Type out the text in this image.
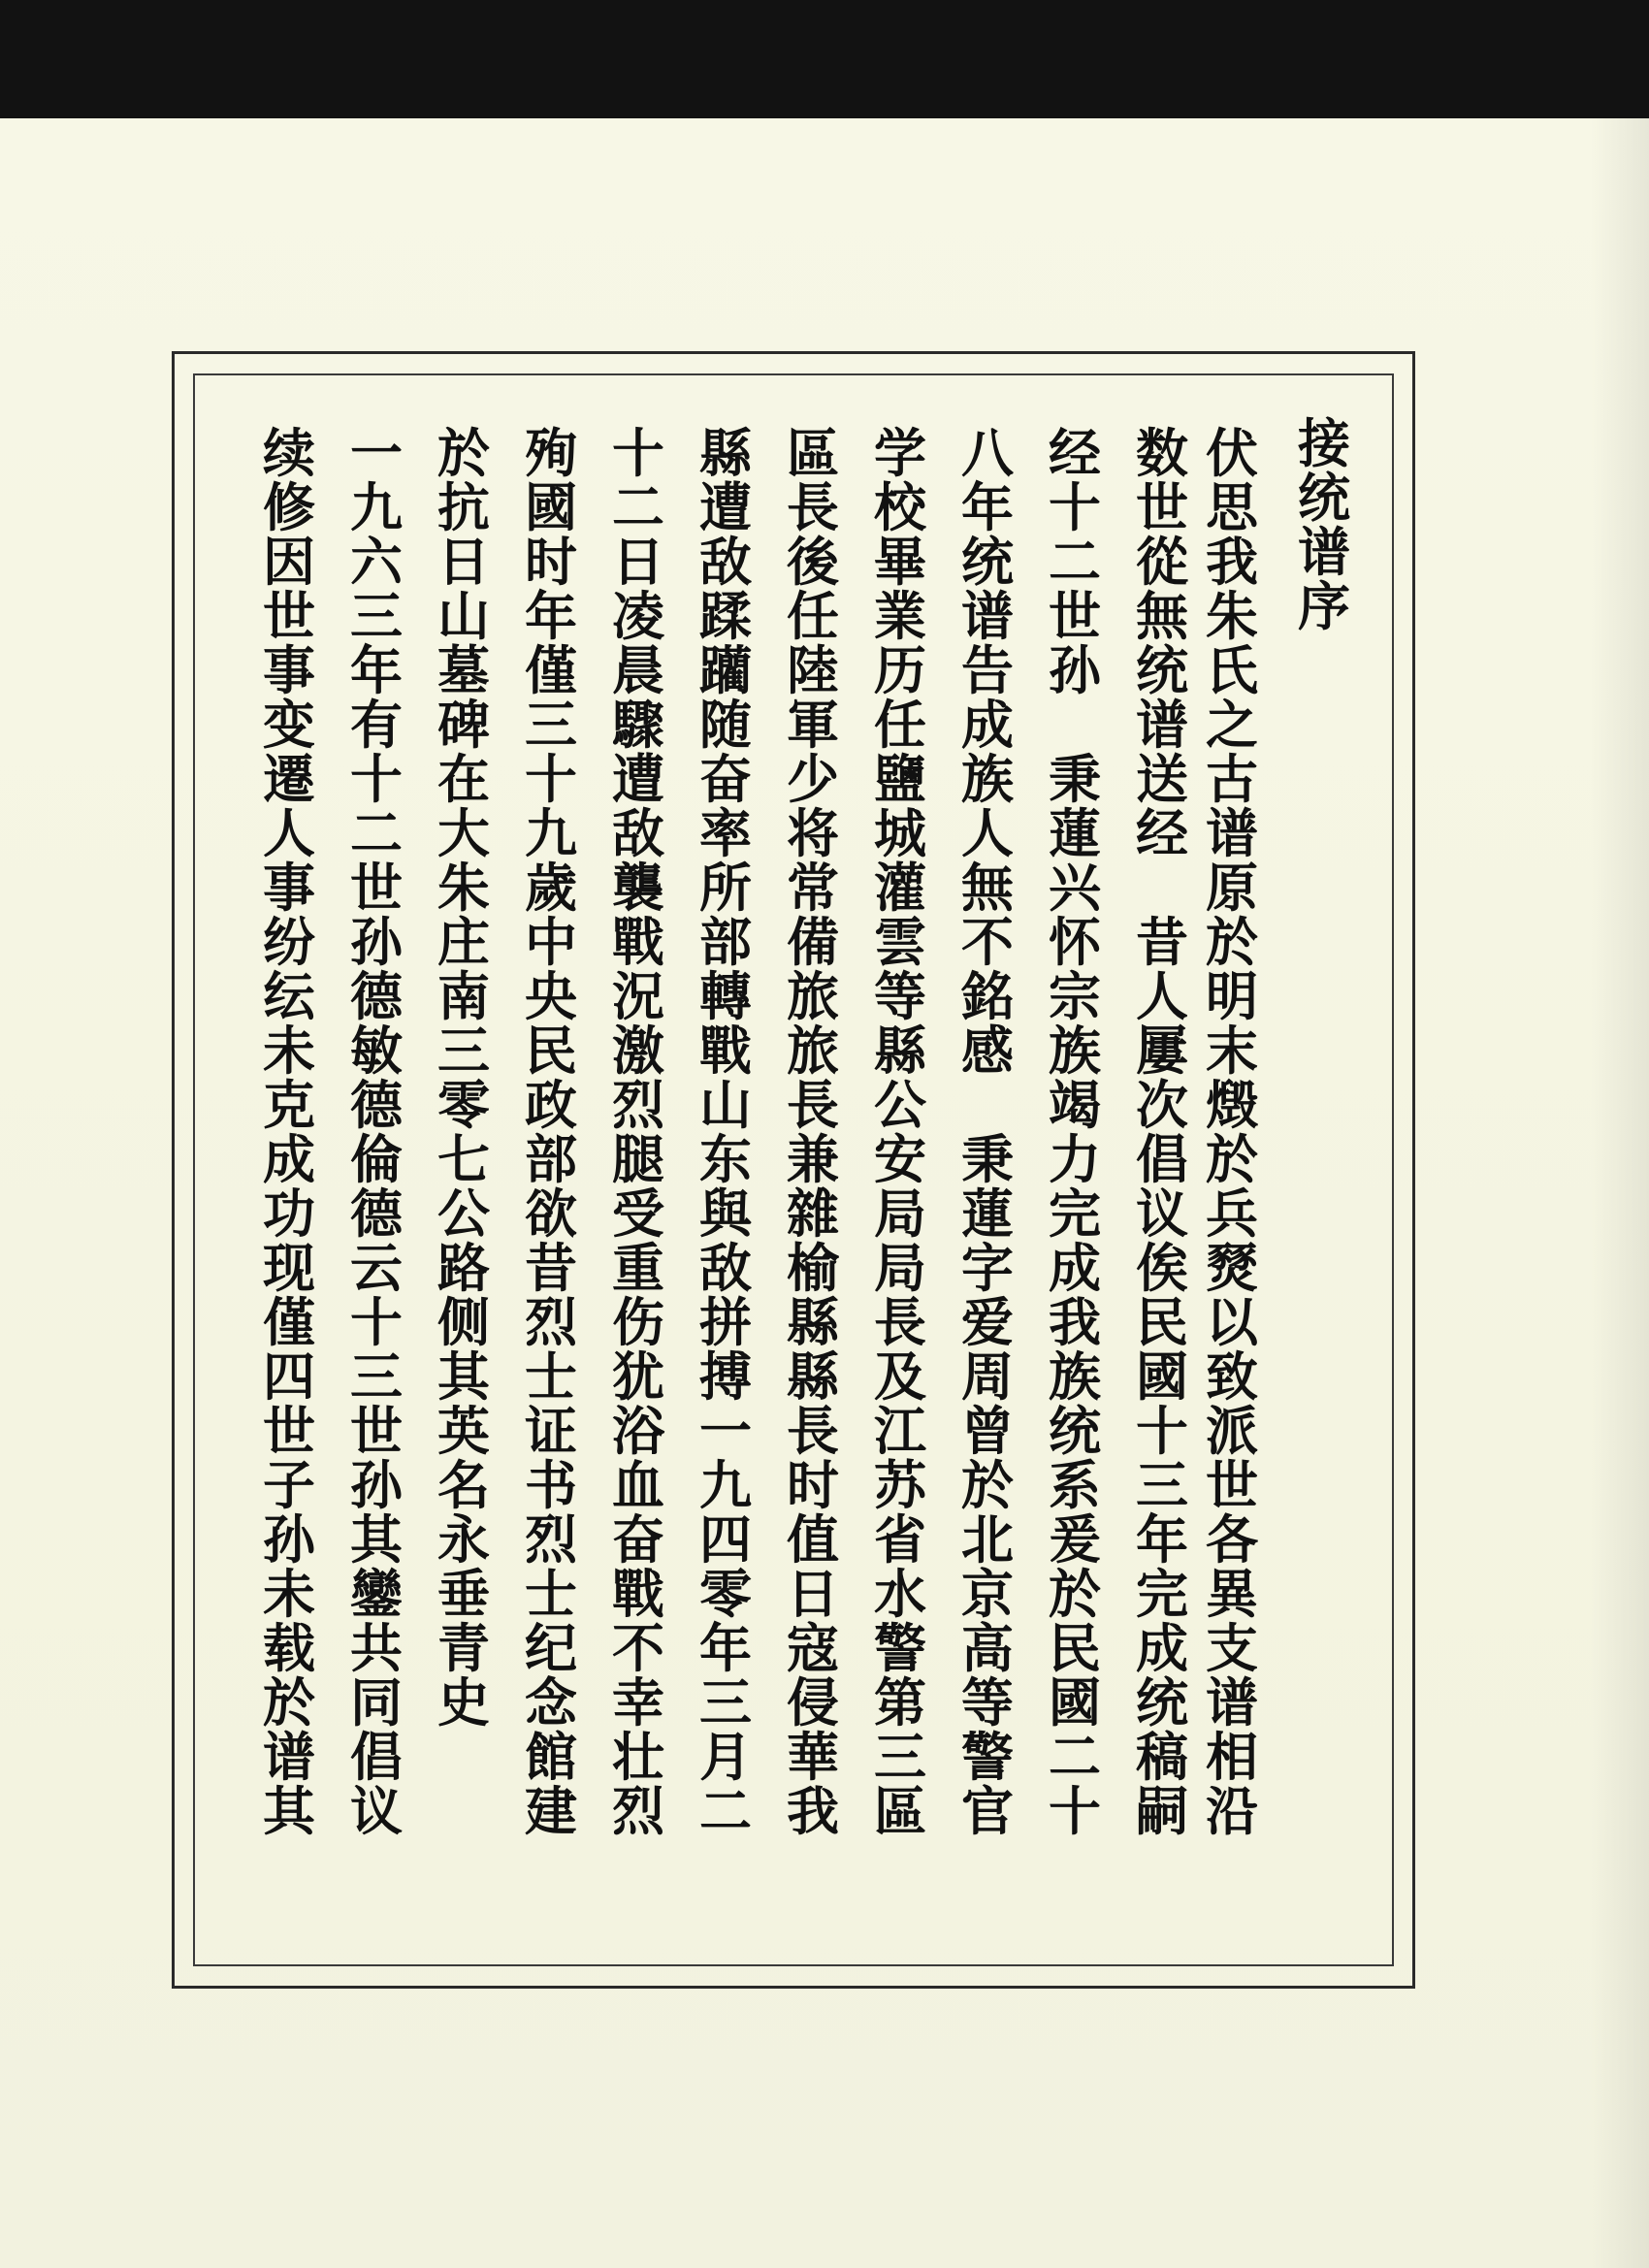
接
统
谱
序
伏
思
我
朱
氏
之
古
谱
原
於
明
末
燬
於
兵
燹
以
致
派
世
各
異
支
谱
相
沿
数
世
從
無
统
谱
送
经
昔
人
屢
次
倡
议
俟
民
國
十
三
年
完
成
统
稿
嗣
经
十
二
世
孙
秉
蓮
兴
怀
宗
族
竭
力
完
成
我
族
统
系
爰
於
民
國
二
十
八
年
统
谱
告
成
族
人
無
不
銘
感
秉
蓮
字
爱
周
曾
於
北
京
高
等
警
官
学
校
畢
業
历
任
鹽
城
灌
雲
等
縣
公
安
局
局
長
及
江
苏
省
水
警
第
三
區
區
長
後
任
陸
軍
少
将
常
備
旅
旅
長
兼
雜
榆
縣
縣
長
时
值
日
寇
侵
華
我
縣
遭
敌
蹂
躪
随
奋
率
所
部
轉
戰
山
东
與
敌
拼
搏
一
九
四
零
年
三
月
二
十
二
日
凌
晨
驟
遭
敌
襲
戰
況
激
烈
腿
受
重
伤
犹
浴
血
奋
戰
不
幸
壮
烈
殉
國
时
年
僅
三
十
九
歲
中
央
民
政
部
欲
昔
烈
士
证
书
烈
士
纪
念
館
建
於
抗
日
山
墓
碑
在
大
朱
庄
南
三
零
七
公
路
侧
其
英
名
永
垂
青
史
一
九
六
三
年
有
十
二
世
孙
德
敏
德
倫
德
云
十
三
世
孙
其
鑾
共
同
倡
议
续
修
因
世
事
变
遷
人
事
纷
纭
未
克
成
功
现
僅
四
世
子
孙
未
载
於
谱
其
